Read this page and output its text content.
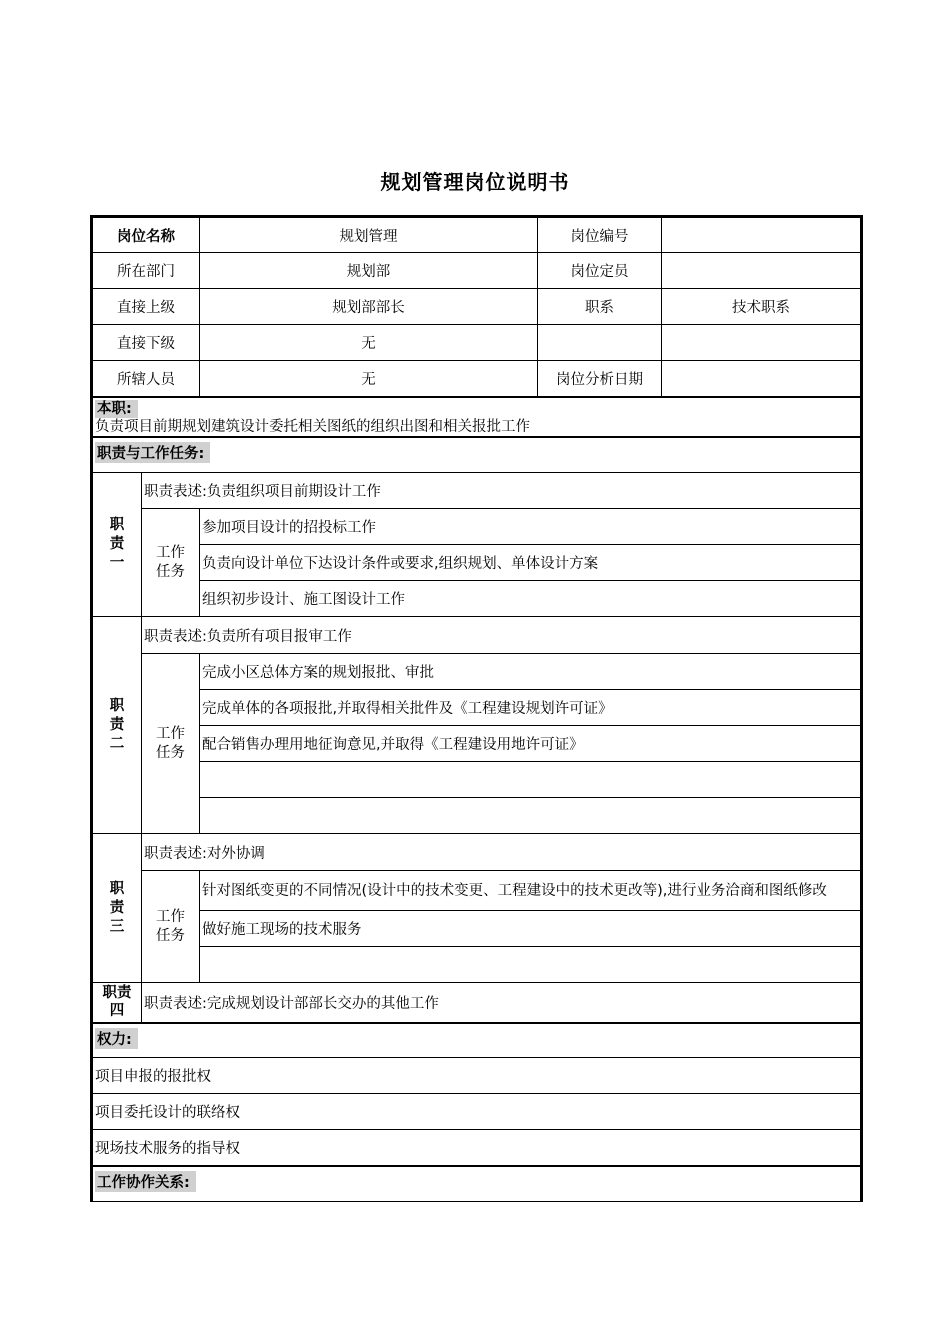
规划管理岗位说明书
岗位名称		规划管理	岗位编号	
所在部门		规划部	岗位定员	
直接上级		规划部部长	职系	技术职系
直接下级		无		
所辖人员		无	岗位分析日期	
本职:
负责项目前期规划建筑设计委托相关图纸的组织出图和相关报批工作				
职责与工作任务:				
职责一	职责表述:负责组织项目前期设计工作			
	工作任务	参加项目设计的招投标工作		
		负责向设计单位下达设计条件或要求,组织规划、单体设计方案		
		组织初步设计、施工图设计工作		
职责二	职责表述:负责所有项目报审工作			
	工作任务	完成小区总体方案的规划报批、审批		
		完成单体的各项报批,并取得相关批件及《工程建设规划许可证》		
		配合销售办理用地征询意见,并取得《工程建设用地许可证》		

职责三	职责表述:对外协调			
	工作任务	针对图纸变更的不同情况(设计中的技术变更、工程建设中的技术更改等),进行业务洽商和图纸修改		
		做好施工现场的技术服务		

职责四	职责表述:完成规划设计部部长交办的其他工作			
权力:				
项目申报的报批权				
项目委托设计的联络权				
现场技术服务的指导权				
工作协作关系:				
